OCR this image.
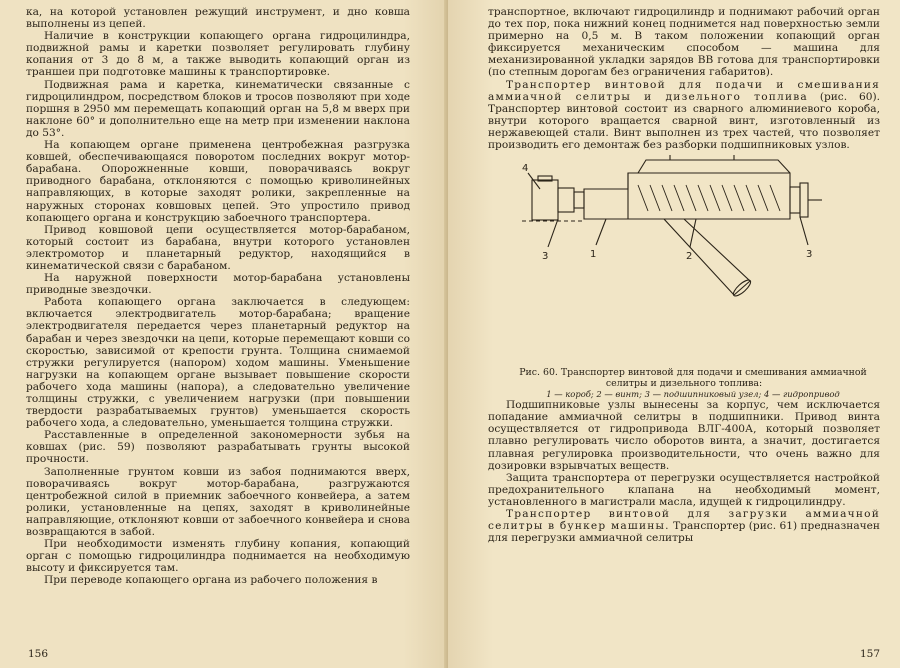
ка, на которой установлен режущий инструмент, и дно ковша выполнены из цепей.

Наличие в конструкции копающего органа гидроцилиндра, подвижной рамы и каретки позволяет регулировать глубину копания от 3 до 8 м, а также выводить копающий орган из траншеи при подготовке машины к транспортировке.

Подвижная рама и каретка, кинематически связанные с гидроцилиндром, посредством блоков и тросов позволяют при ходе поршня в 2950 мм перемещать копающий орган на 5,8 м вверх при наклоне 60° и дополнительно еще на метр при изменении наклона до 53°.

На копающем органе применена центробежная разгрузка ковшей, обеспечивающаяся поворотом последних вокруг мотор-барабана. Опорожненные ковши, поворачиваясь вокруг приводного барабана, отклоняются с помощью криволинейных направляющих, в которые заходят ролики, закрепленные на наружных сторонах ковшовых цепей. Это упростило привод копающего органа и конструкцию забоечного транспортера.

Привод ковшовой цепи осуществляется мотор-барабаном, который состоит из барабана, внутри которого установлен электромотор и планетарный редуктор, находящийся в кинематической связи с барабаном.

На наружной поверхности мотор-барабана установлены приводные звездочки.

Работа копающего органа заключается в следующем: включается электродвигатель мотор-барабана; вращение электродвигателя передается через планетарный редуктор на барабан и через звездочки на цепи, которые перемещают ковши со скоростью, зависимой от крепости грунта. Толщина снимаемой стружки регулируется (напором) ходом машины. Уменьшение нагрузки на копающем органе вызывает повышение скорости рабочего хода машины (напора), а следовательно увеличение толщины стружки, с увеличением нагрузки (при повышении твердости разрабатываемых грунтов) уменьшается скорость рабочего хода, а следовательно, уменьшается толщина стружки.

Расставленные в определенной закономерности зубья на ковшах (рис. 59) позволяют разрабатывать грунты высокой прочности.

Заполненные грунтом ковши из забоя поднимаются вверх, поворачиваясь вокруг мотор-барабана, разгружаются центробежной силой в приемник забоечного конвейера, а затем ролики, установленные на цепях, заходят в криволинейные направляющие, отклоняют ковши от забоечного конвейера и снова возвращаются в забой.

При необходимости изменять глубину копания, копающий орган с помощью гидроцилиндра поднимается на необходимую высоту и фиксируется там.

При переводе копающего органа из рабочего положения в

156

транспортное, включают гидроцилиндр и поднимают рабочий орган до тех пор, пока нижний конец поднимется над поверхностью земли примерно на 0,5 м. В таком положении копающий орган фиксируется механическим способом — машина для механизированной укладки зарядов ВВ готова для транспортировки (по степным дорогам без ограничения габаритов).

Транспортер винтовой для подачи и смешивания аммиачной селитры и дизельного топлива (рис. 60). Транспортер винтовой состоит из сварного алюминиевого короба, внутри которого вращается сварной винт, изготовленный из нержавеющей стали. Винт выполнен из трех частей, что позволяет производить его демонтаж без разборки подшипниковых узлов.

4
3	1	2	3

Рис. 60. Транспортер винтовой для подачи и смешивания аммиачной селитры и дизельного топлива:

1 — короб; 2 — винт; 3 — подшипниковый узел; 4 — гидропривод

Подшипниковые узлы вынесены за корпус, чем исключается попадание аммиачной селитры в подшипники. Привод винта осуществляется от гидропривода ВЛГ-400А, который позволяет плавно регулировать число оборотов винта, а значит, достигается плавная регулировка производительности, что очень важно для дозировки взрывчатых веществ.

Защита транспортера от перегрузки осуществляется настройкой предохранительного клапана на необходимый момент, установленного в магистрали масла, идущей к гидроцилиндру.

Транспортер винтовой для загрузки аммиачной селитры в бункер машины. Транспортер (рис. 61) предназначен для перегрузки аммиачной селитры

157
